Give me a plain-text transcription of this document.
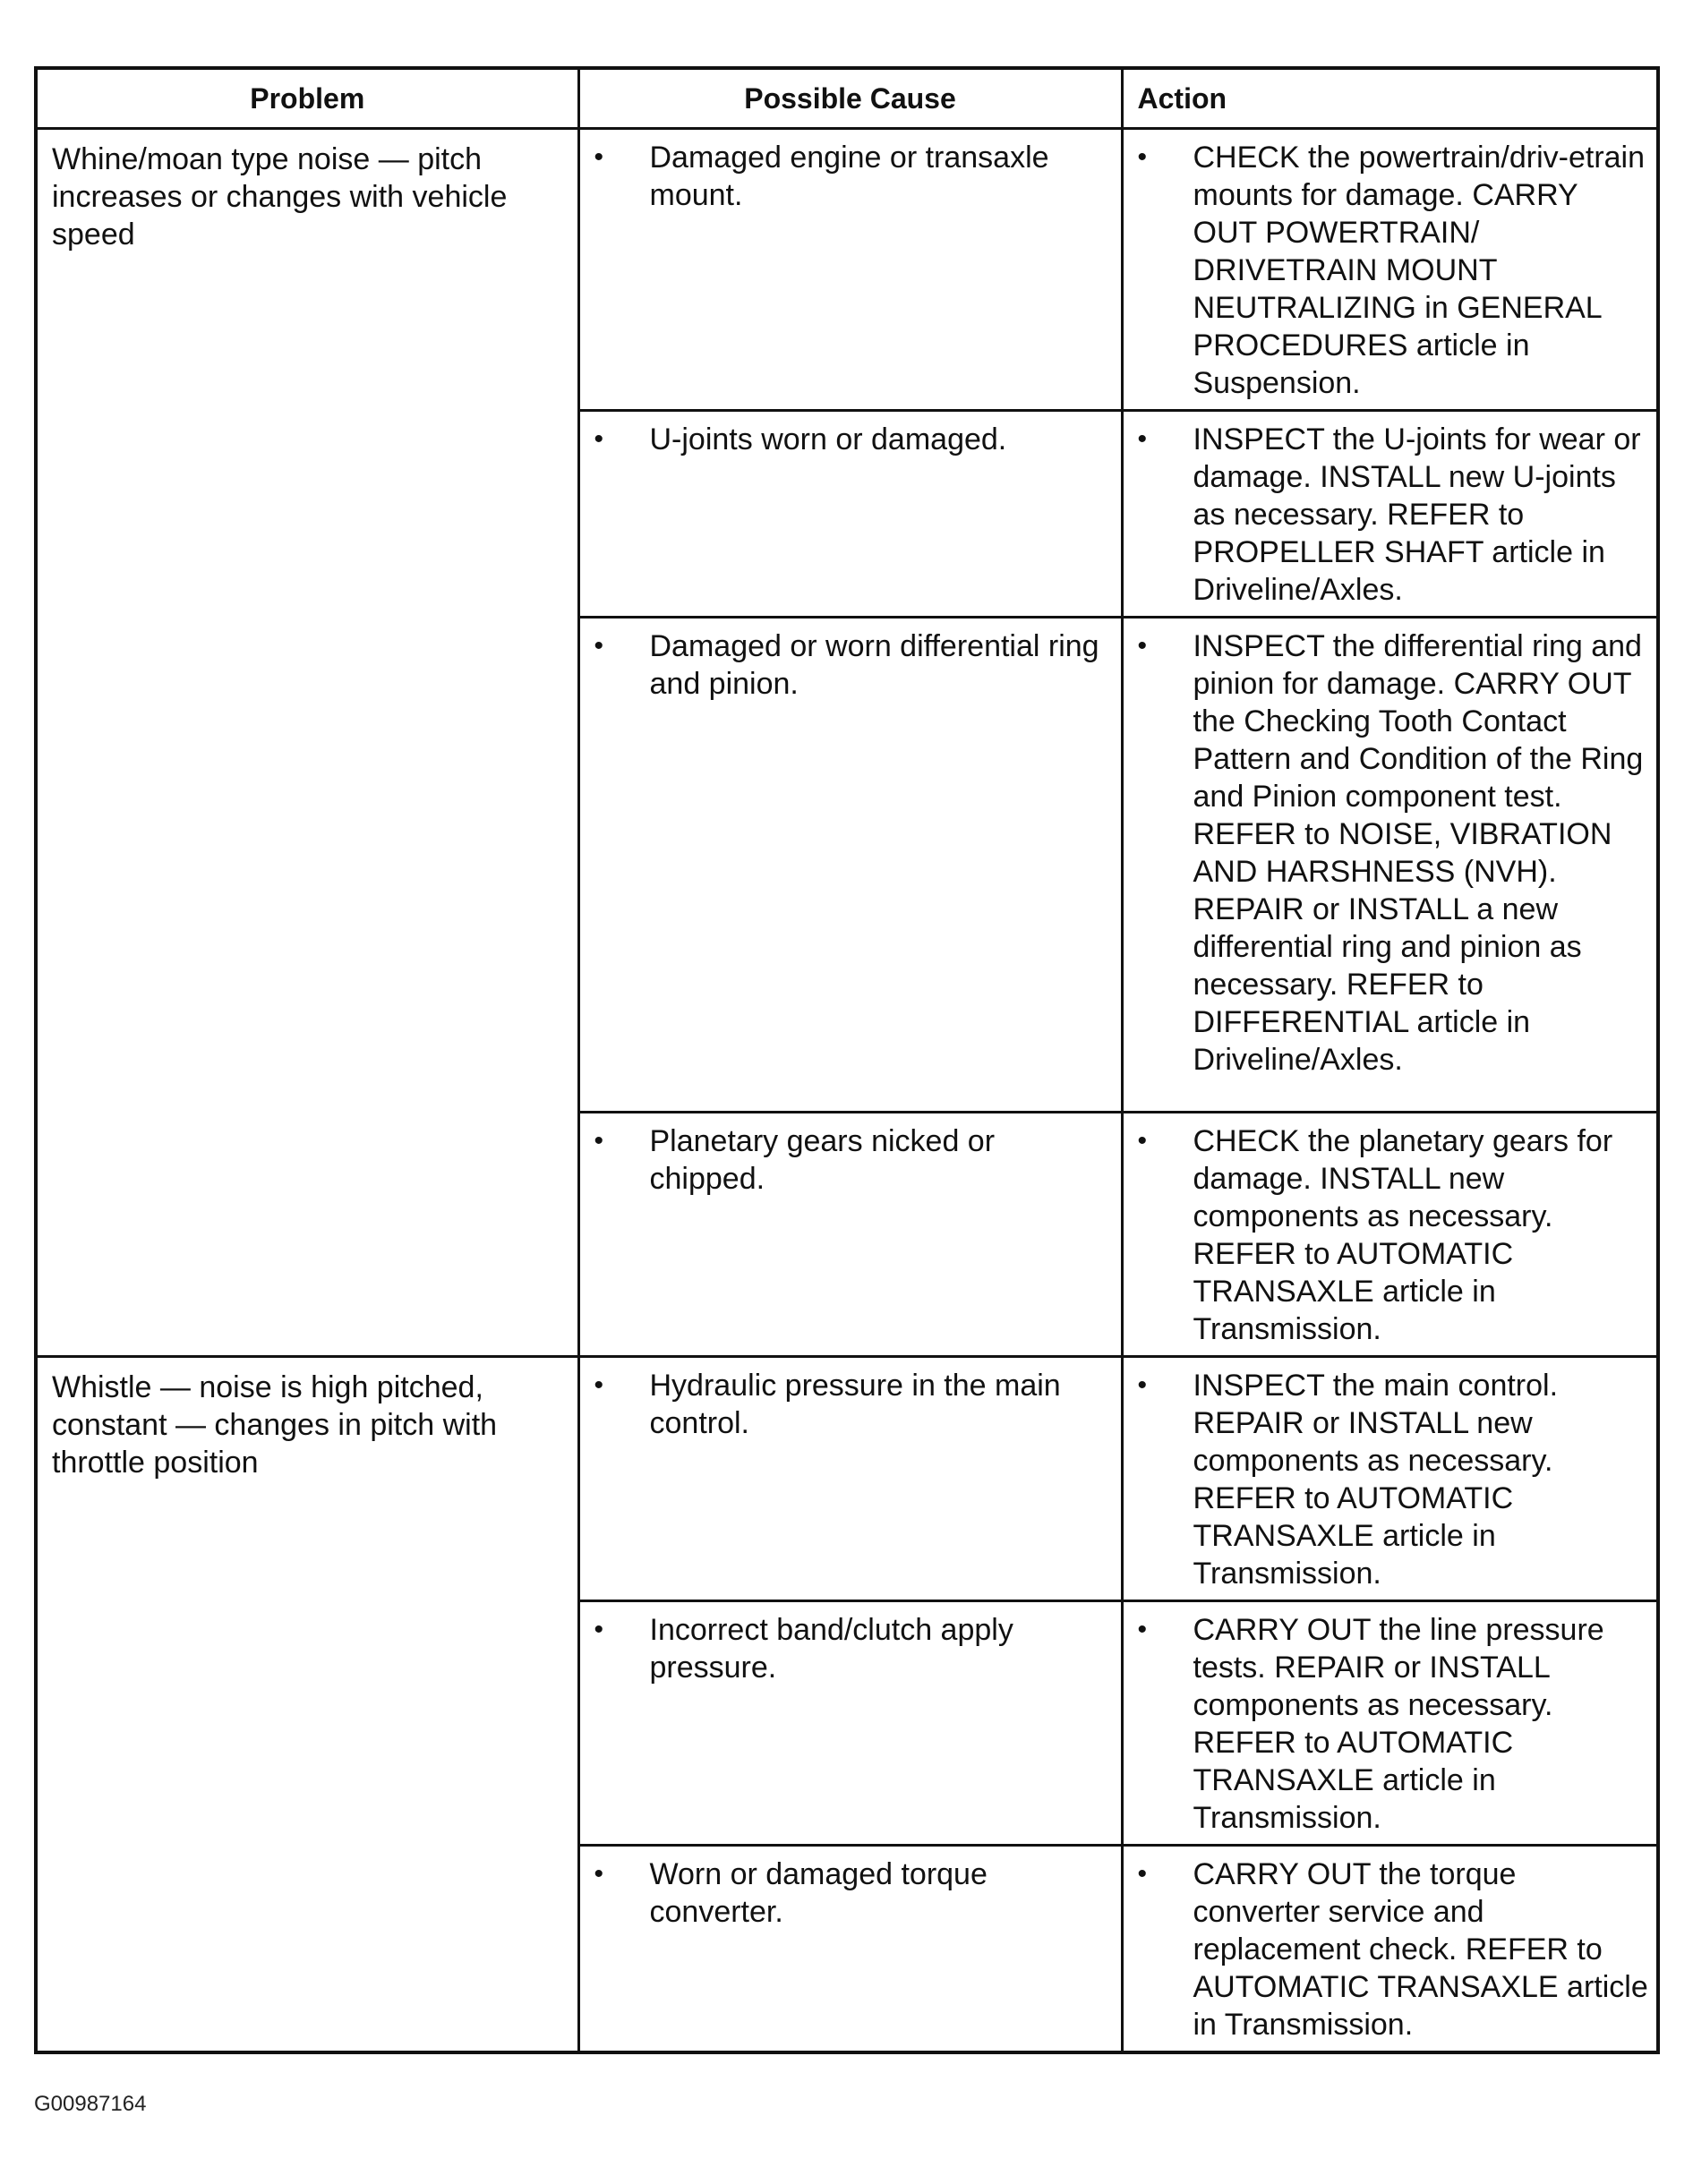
Problem	Possible Cause	Action
Whine/moan type noise — pitch increases or changes with vehicle speed	• Damaged engine or transaxle mount.	• CHECK the powertrain/driv-etrain mounts for damage. CARRY OUT POWERTRAIN/ DRIVETRAIN MOUNT NEUTRALIZING in GENERAL PROCEDURES article in Suspension.

	• U-joints worn or damaged.	• INSPECT the U-joints for wear or damage. INSTALL new U-joints as necessary. REFER to PROPELLER SHAFT article in Driveline/Axles.

	• Damaged or worn differential ring and pinion.	• INSPECT the differential ring and pinion for damage. CARRY OUT the Checking Tooth Contact Pattern and Condition of the Ring and Pinion component test. REFER to NOISE, VIBRATION AND HARSHNESS (NVH). REPAIR or INSTALL a new differential ring and pinion as necessary. REFER to DIFFERENTIAL article in Driveline/Axles.

	• Planetary gears nicked or chipped.	• CHECK the planetary gears for damage. INSTALL new components as necessary. REFER to AUTOMATIC TRANSAXLE article in Transmission.

Whistle — noise is high pitched, constant — changes in pitch with throttle position	• Hydraulic pressure in the main control.	• INSPECT the main control. REPAIR or INSTALL new components as necessary. REFER to AUTOMATIC TRANSAXLE article in Transmission.

	• Incorrect band/clutch apply pressure.	• CARRY OUT the line pressure tests. REPAIR or INSTALL components as necessary. REFER to AUTOMATIC TRANSAXLE article in Transmission.

	• Worn or damaged torque converter.	• CARRY OUT the torque converter service and replacement check. REFER to AUTOMATIC TRANSAXLE article in Transmission.
G00987164
